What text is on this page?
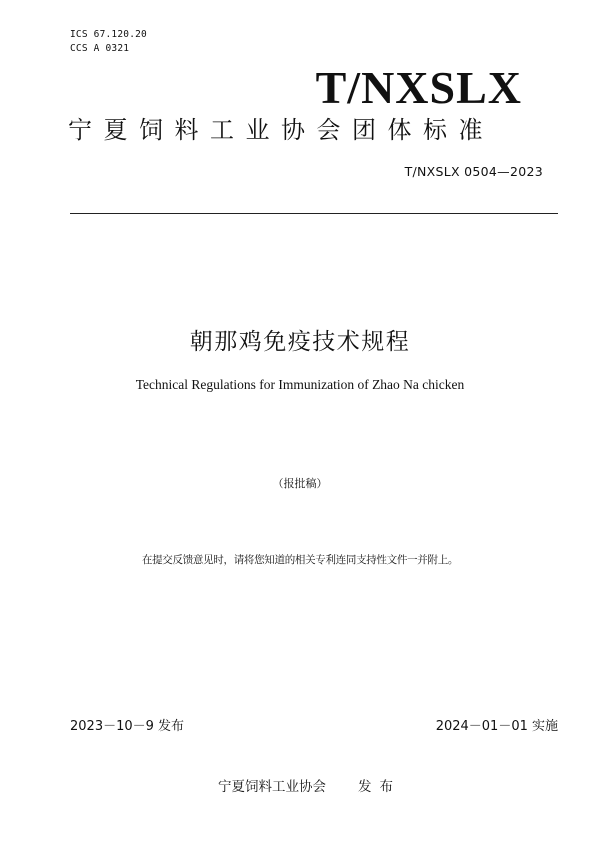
ICS 67.120.20
CCS A 0321
T/NXSLX
宁夏饲料工业协会团体标准
T/NXSLX 0504—2023
朝那鸡免疫技术规程
Technical Regulations for Immunization of Zhao Na chicken
（报批稿）
在提交反馈意见时，请将您知道的相关专利连同支持性文件一并附上。
2023－10－9 发布	2024－01－01 实施
宁夏饲料工业协会 发布
